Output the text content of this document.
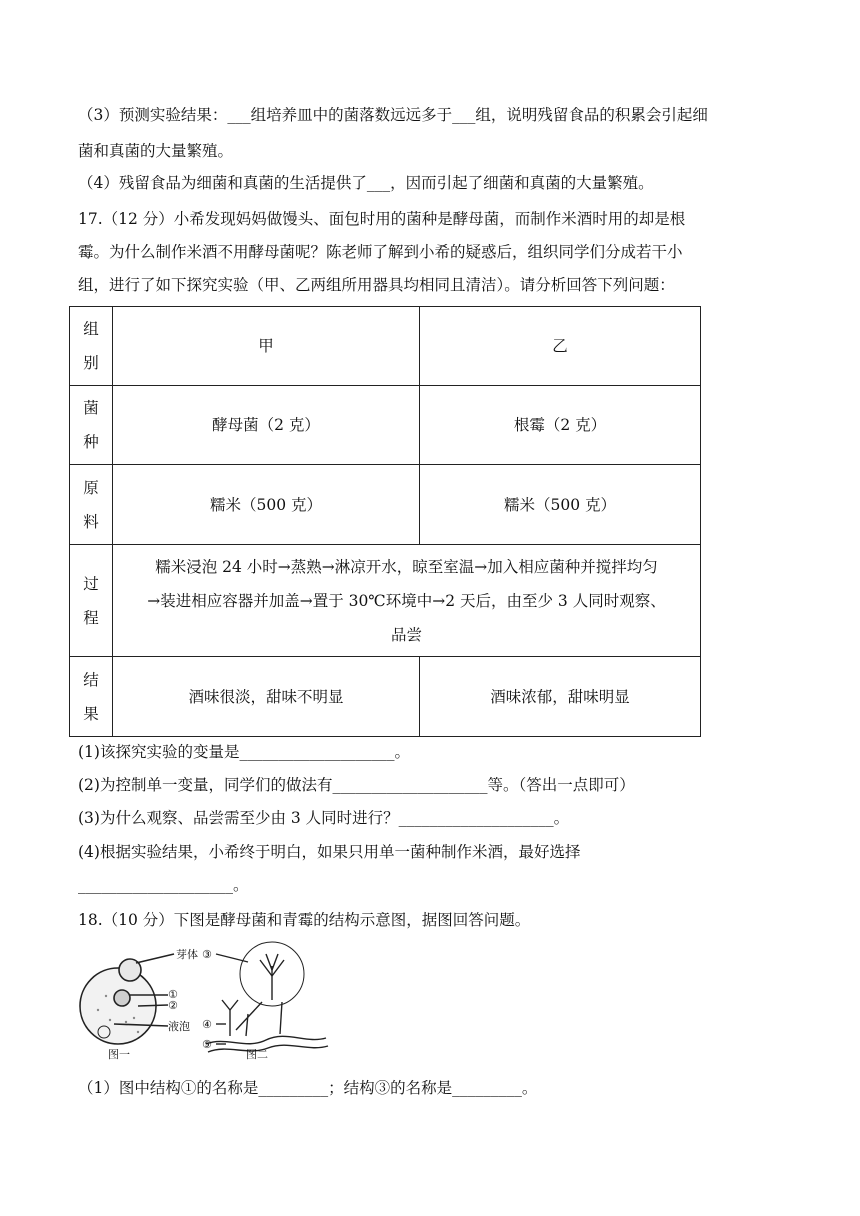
（3）预测实验结果：___组培养皿中的菌落数远远多于___组，说明残留食品的积累会引起细
菌和真菌的大量繁殖。
（4）残留食品为细菌和真菌的生活提供了___，因而引起了细菌和真菌的大量繁殖。
17.（12 分）小希发现妈妈做馒头、面包时用的菌种是酵母菌，而制作米酒时用的却是根
霉。为什么制作米酒不用酵母菌呢？陈老师了解到小希的疑惑后，组织同学们分成若干小
组，进行了如下探究实验（甲、乙两组所用器具均相同且清洁）。请分析回答下列问题：
组
别	甲	乙
菌
种	酵母菌（2 克）	根霉（2 克）
原
料	糯米（500 克）	糯米（500 克）
过
程	糯米浸泡 24 小时→蒸熟→淋凉开水，晾至室温→加入相应菌种并搅拌均匀
→装进相应容器并加盖→置于 30℃环境中→2 天后，由至少 3 人同时观察、
品尝	
结
果	酒味很淡，甜味不明显	酒味浓郁，甜味明显
(1)该探究实验的变量是____________________。
(2)为控制单一变量，同学们的做法有____________________等。（答出一点即可）
(3)为什么观察、品尝需至少由 3 人同时进行？____________________。
(4)根据实验结果，小希终于明白，如果只用单一菌种制作米酒，最好选择
____________________。
18.（10 分）下图是酵母菌和青霉的结构示意图，据图回答问题。
芽体
①
②
液泡
图一
③
④
⑤
图二
（1）图中结构①的名称是_________；结构③的名称是_________。
